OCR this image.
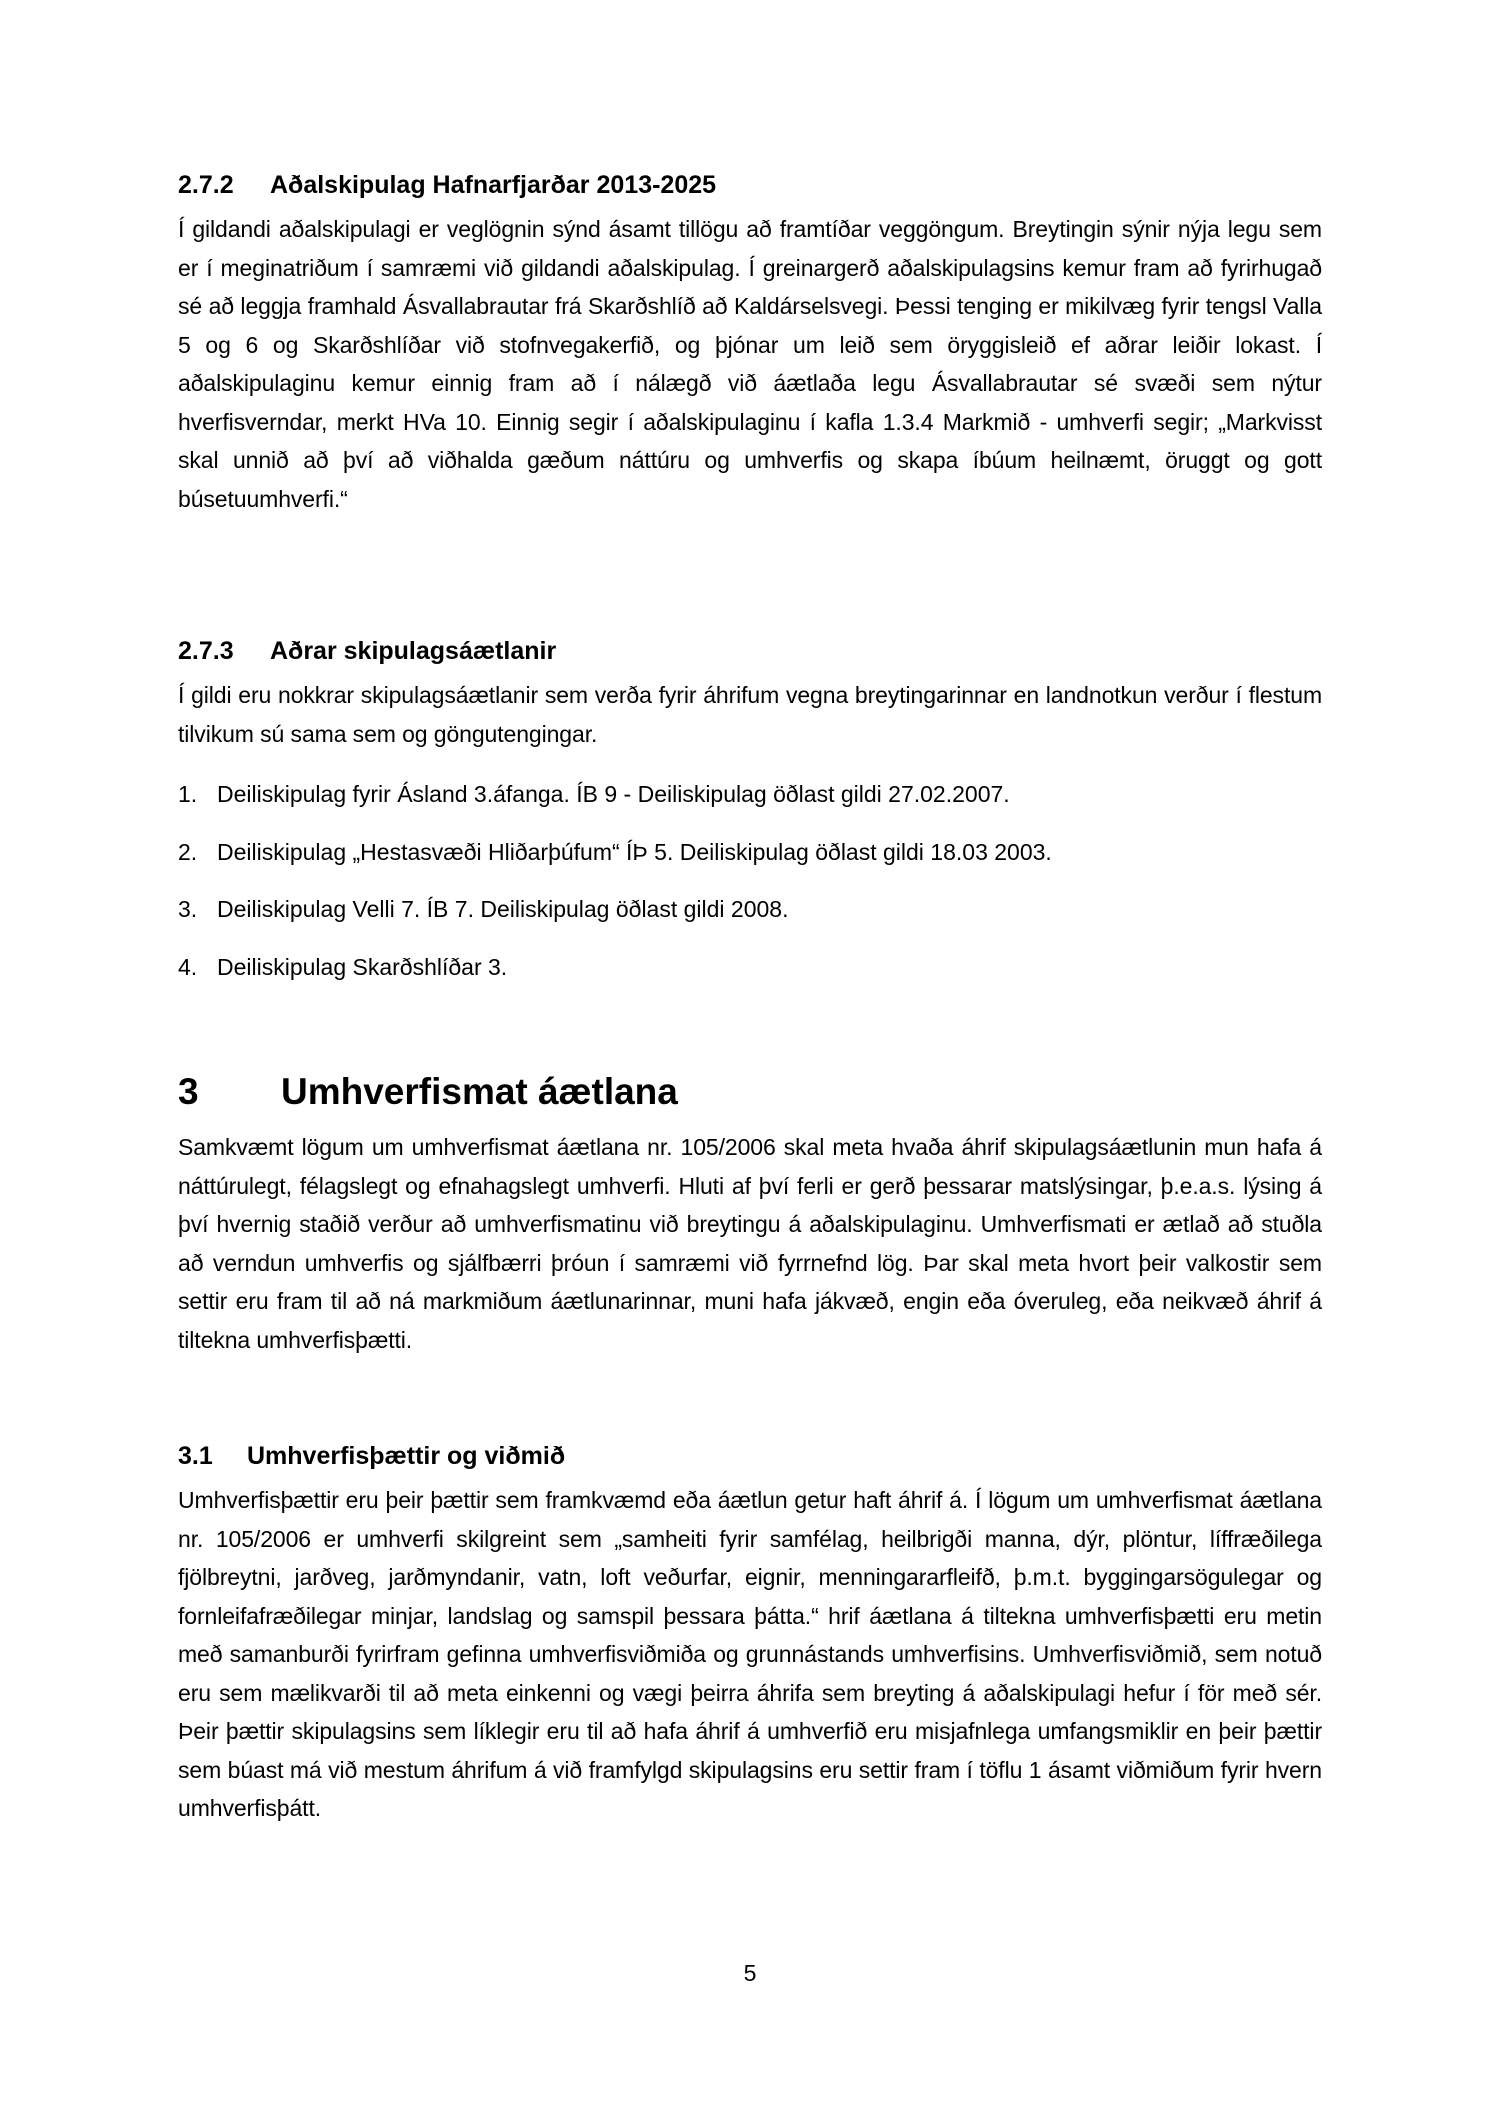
2.7.2 Aðalskipulag Hafnarfjarðar 2013-2025

Í gildandi aðalskipulagi er veglögnin sýnd ásamt tillögu að framtíðar veggöngum. Breytingin sýnir nýja legu sem er í meginatriðum í samræmi við gildandi aðalskipulag. Í greinargerð aðalskipulagsins kemur fram að fyrirhugað sé að leggja framhald Ásvallabrautar frá Skarðshlíð að Kaldárselsvegi. Þessi tenging er mikilvæg fyrir tengsl Valla 5 og 6 og Skarðshlíðar við stofnvegakerfið, og þjónar um leið sem öryggisleið ef aðrar leiðir lokast. Í aðalskipulaginu kemur einnig fram að í nálægð við áætlaða legu Ásvallabrautar sé svæði sem nýtur hverfisverndar, merkt HVa 10. Einnig segir í aðalskipulaginu í kafla 1.3.4 Markmið - umhverfi segir; „Markvisst skal unnið að því að viðhalda gæðum náttúru og umhverfis og skapa íbúum heilnæmt, öruggt og gott búsetuumhverfi.“

2.7.3 Aðrar skipulagsáætlanir

Í gildi eru nokkrar skipulagsáætlanir sem verða fyrir áhrifum vegna breytingarinnar en landnotkun verður í flestum tilvikum sú sama sem og göngutengingar.

1. Deiliskipulag fyrir Ásland 3.áfanga. ÍB 9 - Deiliskipulag öðlast gildi 27.02.2007.
2. Deiliskipulag „Hestasvæði Hliðarþúfum“ ÍÞ 5. Deiliskipulag öðlast gildi 18.03 2003.
3. Deiliskipulag Velli 7. ÍB 7. Deiliskipulag öðlast gildi 2008.
4. Deiliskipulag Skarðshlíðar 3.
3 Umhverfismat áætlana

Samkvæmt lögum um umhverfismat áætlana nr. 105/2006 skal meta hvaða áhrif skipulagsáætlunin mun hafa á náttúrulegt, félagslegt og efnahagslegt umhverfi. Hluti af því ferli er gerð þessarar matslýsingar, þ.e.a.s. lýsing á því hvernig staðið verður að umhverfismatinu við breytingu á aðalskipulaginu. Umhverfismati er ætlað að stuðla að verndun umhverfis og sjálfbærri þróun í samræmi við fyrrnefnd lög. Þar skal meta hvort þeir valkostir sem settir eru fram til að ná markmiðum áætlunarinnar, muni hafa jákvæð, engin eða óveruleg, eða neikvæð áhrif á tiltekna umhverfisþætti.

3.1 Umhverfisþættir og viðmið

Umhverfisþættir eru þeir þættir sem framkvæmd eða áætlun getur haft áhrif á. Í lögum um umhverfismat áætlana nr. 105/2006 er umhverfi skilgreint sem „samheiti fyrir samfélag, heilbrigði manna, dýr, plöntur, líffræðilega fjölbreytni, jarðveg, jarðmyndanir, vatn, loft veðurfar, eignir, menningararfleifð, þ.m.t. byggingarsögulegar og fornleifafræðilegar minjar, landslag og samspil þessara þátta.“ hrif áætlana á tiltekna umhverfisþætti eru metin með samanburði fyrirfram gefinna umhverfisviðmiða og grunnástands umhverfisins. Umhverfisviðmið, sem notuð eru sem mælikvarði til að meta einkenni og vægi þeirra áhrifa sem breyting á aðalskipulagi hefur í för með sér. Þeir þættir skipulagsins sem líklegir eru til að hafa áhrif á umhverfið eru misjafnlega umfangsmiklir en þeir þættir sem búast má við mestum áhrifum á við framfylgd skipulagsins eru settir fram í töflu 1 ásamt viðmiðum fyrir hvern umhverfisþátt.

5
